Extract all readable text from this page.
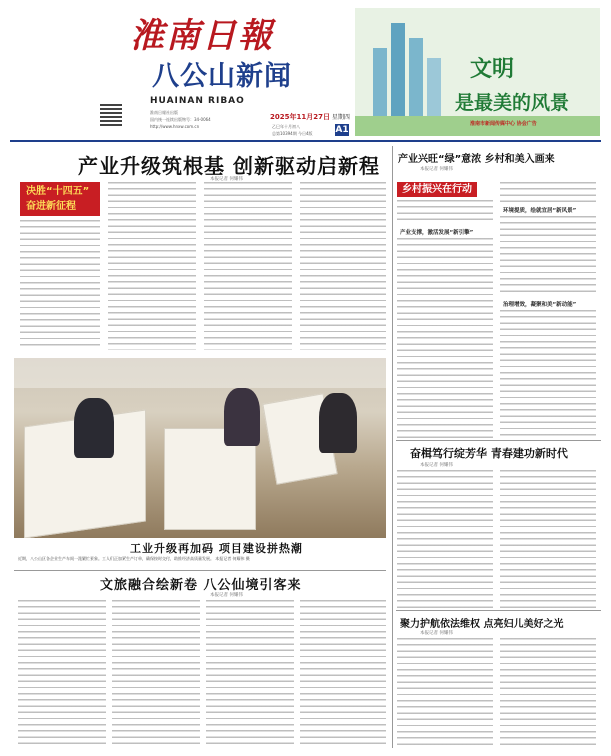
淮南日報
八公山新闻
HUAINAN RIBAO
淮南日報社出版
国内统一连续出版物号：34-0064
http://www.hnxw.com.cn
2025年11月27日 星期四
乙巳年十月初八
总第10394期 今日4版	A1
文明
是最美的风景
淮南市新闻传媒中心 协会广告
产业升级筑根基 创新驱动启新程
本报记者 何耀伟
决胜“十四五” 奋进新征程
工业升级再加码 项目建设拼热潮
近期，八公山区各企业生产车间一派繁忙景象。工人们正加紧生产订单，确保按时交付，助推经济高质量发展。 本报记者 何耀伟 摄
文旅融合绘新卷 八公仙境引客来
本报记者 何耀伟
产业兴旺“绿”意浓 乡村和美入画来
本报记者 何耀伟
乡村振兴在行动
产业支撑，激活发展“新引擎”
环境提质，绘就宜居“新风景”
治理增效，凝聚和美“新动能”
奋楫笃行绽芳华 青春建功新时代
本报记者 何耀伟
聚力护航依法维权 点亮妇儿美好之光
本报记者 何耀伟
